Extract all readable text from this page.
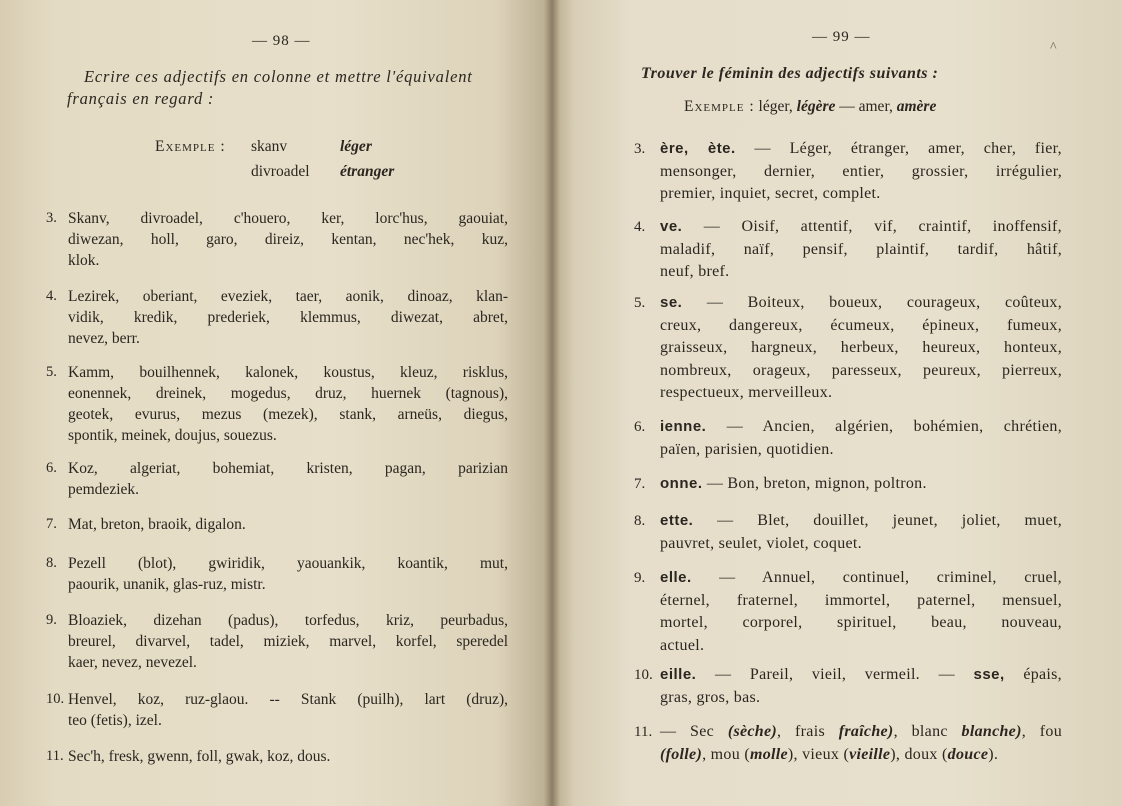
— 98 —
Ecrire ces adjectifs en colonne et mettre l'équivalent
français en regard :
Exemple : skanv	léger
divroadel étranger
3. Skanv, divroadel, c'houero, ker, lorc'hus, gaouiat,
diwezan, holl, garo, direiz, kentan, nec'hek, kuz,
klok.
4. Lezirek, oberiant, eveziek, taer, aonik, dinoaz, klan-
vidik, kredik, prederiek, klemmus, diwezat, abret,
nevez, berr.
5. Kamm, bouilhennek, kalonek, koustus, kleuz, risklus,
eonennek, dreinek, mogedus, druz, huernek (tagnous),
geotek, evurus, mezus (mezek), stank, arneüs, diegus,
spontik, meinek, doujus, souezus.
6. Koz, algeriat, bohemiat, kristen, pagan, parizian
pemdeziek.
7. Mat, breton, braoik, digalon.
8. Pezell (blot), gwiridik, yaouankik, koantik, mut,
paourik, unanik, glas-ruz, mistr.
9. Bloaziek, dizehan (padus), torfedus, kriz, peurbadus,
breurel, divarvel, tadel, miziek, marvel, korfel, speredel
kaer, nevez, nevezel.
10. Henvel, koz, ruz-glaou. -- Stank (puilh), lart (druz),
teo (fetis), izel.
11. Sec'h, fresk, gwenn, foll, gwak, koz, dous.
— 99 —
^
Trouver le féminin des adjectifs suivants :
Exemple : léger, légère — amer, amère
3. ère, ète. — Léger, étranger, amer, cher, fier,
mensonger, dernier, entier, grossier, irrégulier,
premier, inquiet, secret, complet.
4. ve. — Oisif, attentif, vif, craintif, inoffensif,
maladif, naïf, pensif, plaintif, tardif, hâtif,
neuf, bref.
5. se. — Boiteux, boueux, courageux, coûteux,
creux, dangereux, écumeux, épineux, fumeux,
graisseux, hargneux, herbeux, heureux, honteux,
nombreux, orageux, paresseux, peureux, pierreux,
respectueux, merveilleux.
6. ienne. — Ancien, algérien, bohémien, chrétien,
païen, parisien, quotidien.
7. onne. — Bon, breton, mignon, poltron.
8. ette. — Blet, douillet, jeunet, joliet, muet,
pauvret, seulet, violet, coquet.
9. elle. — Annuel, continuel, criminel, cruel,
éternel, fraternel, immortel, paternel, mensuel,
mortel, corporel, spirituel, beau, nouveau,
actuel.
10. eille. — Pareil, vieil, vermeil. — sse, épais,
gras, gros, bas.
11. — Sec (sèche), frais fraîche), blanc blanche), fou
(folle), mou (molle), vieux (vieille), doux (douce).
